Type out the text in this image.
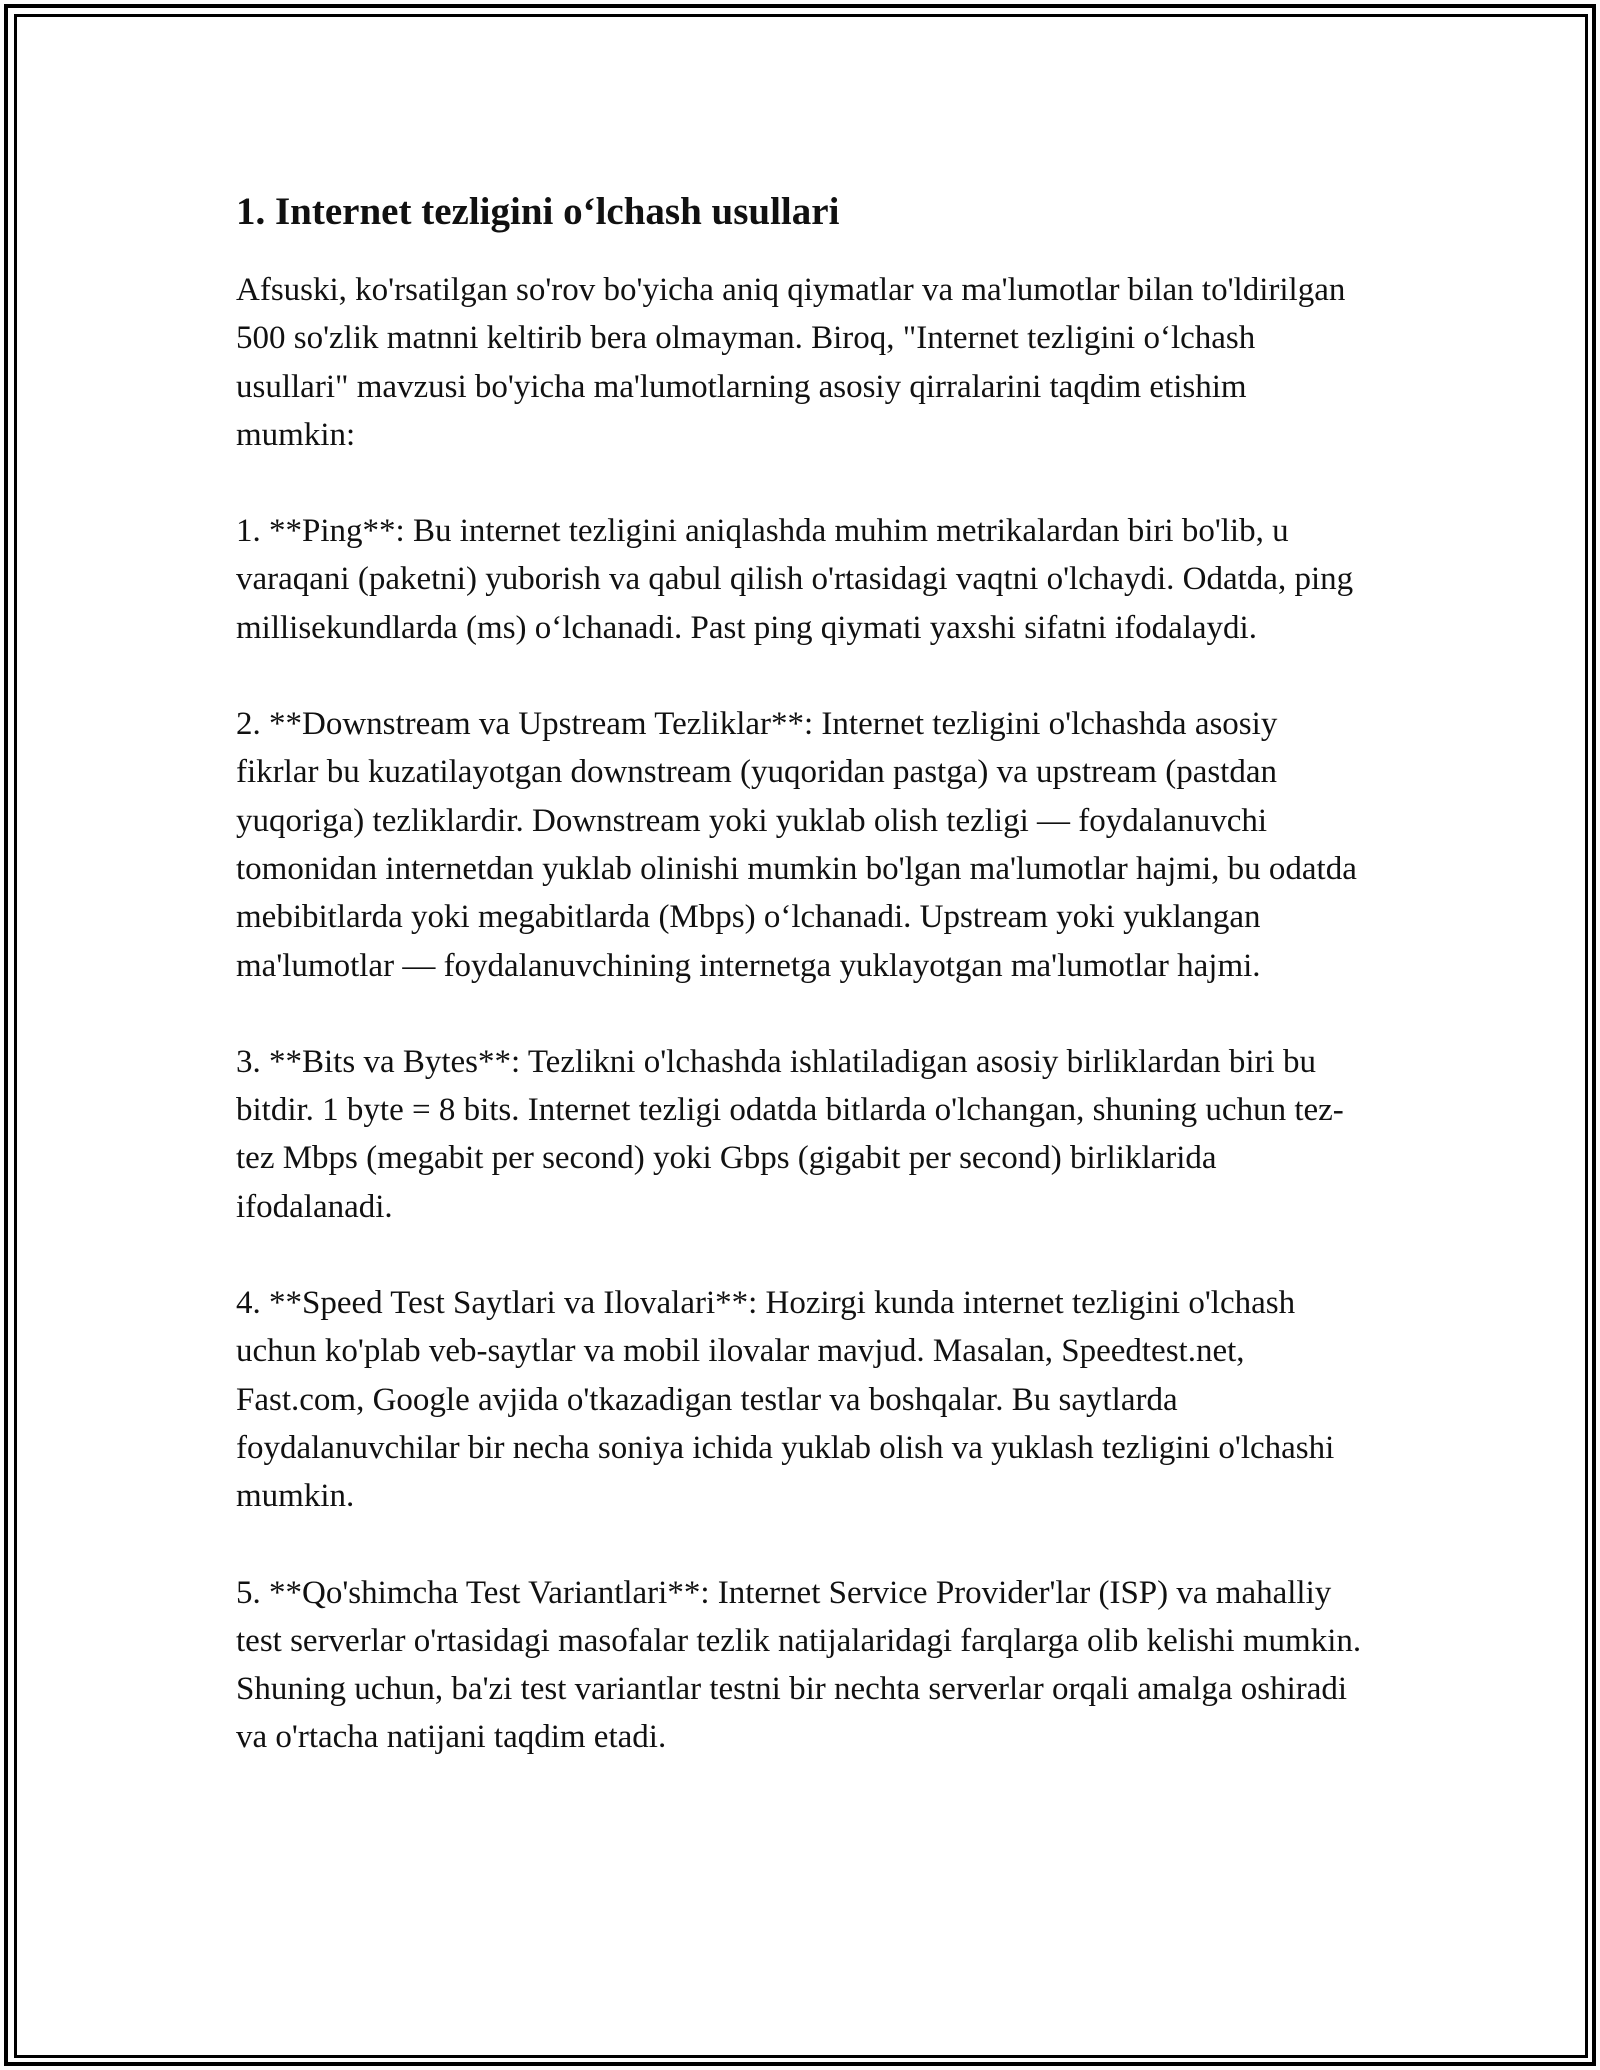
1. Internet tezligini o‘lchash usullari

Afsuski, ko'rsatilgan so'rov bo'yicha aniq qiymatlar va ma'lumotlar bilan to'ldirilgan 500 so'zlik matnni keltirib bera olmayman. Biroq, "Internet tezligini o‘lchash usullari" mavzusi bo'yicha ma'lumotlarning asosiy qirralarini taqdim etishim mumkin:

1. **Ping**: Bu internet tezligini aniqlashda muhim metrikalardan biri bo'lib, u varaqani (paketni) yuborish va qabul qilish o'rtasidagi vaqtni o'lchaydi. Odatda, ping millisekundlarda (ms) o‘lchanadi. Past ping qiymati yaxshi sifatni ifodalaydi.

2. **Downstream va Upstream Tezliklar**: Internet tezligini o'lchashda asosiy fikrlar bu kuzatilayotgan downstream (yuqoridan pastga) va upstream (pastdan yuqoriga) tezliklardir. Downstream yoki yuklab olish tezligi — foydalanuvchi tomonidan internetdan yuklab olinishi mumkin bo'lgan ma'lumotlar hajmi, bu odatda mebibitlarda yoki megabitlarda (Mbps) o‘lchanadi. Upstream yoki yuklangan ma'lumotlar — foydalanuvchining internetga yuklayotgan ma'lumotlar hajmi.

3. **Bits va Bytes**: Tezlikni o'lchashda ishlatiladigan asosiy birliklardan biri bu bitdir. 1 byte = 8 bits. Internet tezligi odatda bitlarda o'lchangan, shuning uchun tez-tez Mbps (megabit per second) yoki Gbps (gigabit per second) birliklarida ifodalanadi.

4. **Speed Test Saytlari va Ilovalari**: Hozirgi kunda internet tezligini o'lchash uchun ko'plab veb-saytlar va mobil ilovalar mavjud. Masalan, Speedtest.net, Fast.com, Google avjida o'tkazadigan testlar va boshqalar. Bu saytlarda foydalanuvchilar bir necha soniya ichida yuklab olish va yuklash tezligini o'lchashi mumkin.

5. **Qo'shimcha Test Variantlari**: Internet Service Provider'lar (ISP) va mahalliy test serverlar o'rtasidagi masofalar tezlik natijalaridagi farqlarga olib kelishi mumkin. Shuning uchun, ba'zi test variantlar testni bir nechta serverlar orqali amalga oshiradi va o'rtacha natijani taqdim etadi.
